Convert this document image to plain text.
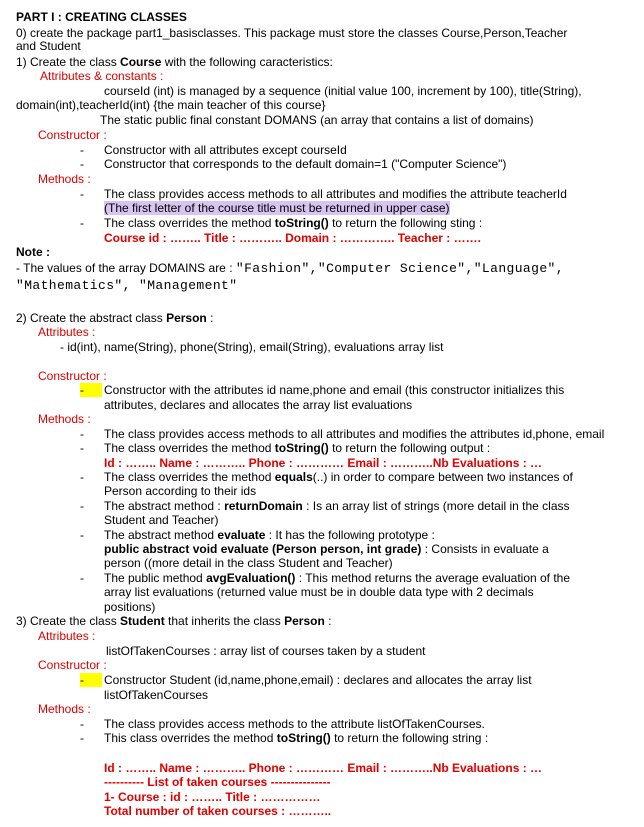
PART I : CREATING CLASSES
0) create the package part1_basisclasses. This package must store the classes Course,Person,Teacher
and Student
1) Create the class Course with the following caracteristics:
Attributes & constants :
courseId (int) is managed by a sequence (initial value 100, increment by 100), title(String),
domain(int),teacherId(int) {the main teacher of this course}
The static public final constant DOMANS (an array that contains a list of domains)
Constructor :
- Constructor with all attributes except courseId
- Constructor that corresponds to the default domain=1 ("Computer Science")
Methods :
- The class provides access methods to all attributes and modifies the attribute teacherId
(The first letter of the course title must be returned in upper case)
- The class overrides the method toString() to return the following sting :
Course id : …….. Title : ……….. Domain : ………….. Teacher : …….
Note :
- The values of the array DOMAINS are : "Fashion","Computer Science","Language",
"Mathematics", "Management"
2) Create the abstract class Person :
Attributes :
- id(int), name(String), phone(String), email(String), evaluations array list
Constructor :
-	Constructor with the attributes id name,phone and email (this constructor initializes this
attributes, declares and allocates the array list evaluations
Methods :
- The class provides access methods to all attributes and modifies the attributes id,phone, email
- The class overrides the method toString() to return the following output :
Id : …….. Name : ……….. Phone : ………… Email : ………..Nb Evaluations : …
- The class overrides the method equals(..) in order to compare between two instances of
Person according to their ids
- The abstract method : returnDomain : Is an array list of strings (more detail in the class
Student and Teacher)
- The abstract method evaluate : It has the following prototype :
public abstract void evaluate (Person person, int grade) : Consists in evaluate a
person ((more detail in the class Student and Teacher)
- The public method avgEvaluation() : This method returns the average evaluation of the
array list evaluations (returned value must be in double data type with 2 decimals
positions)
3) Create the class Student that inherits the class Person :
Attributes :
listOfTakenCourses : array list of courses taken by a student
Constructor :
-	Constructor Student (id,name,phone,email) : declares and allocates the array list
listOfTakenCourses
Methods :
- The class provides access methods to the attribute listOfTakenCourses.
- This class overrides the method toString() to return the following string :
Id : …….. Name : ……….. Phone : ………… Email : ………..Nb Evaluations : …
---------- List of taken courses ---------------
1- Course : id : …….. Title : ……………
Total number of taken courses : ………..
